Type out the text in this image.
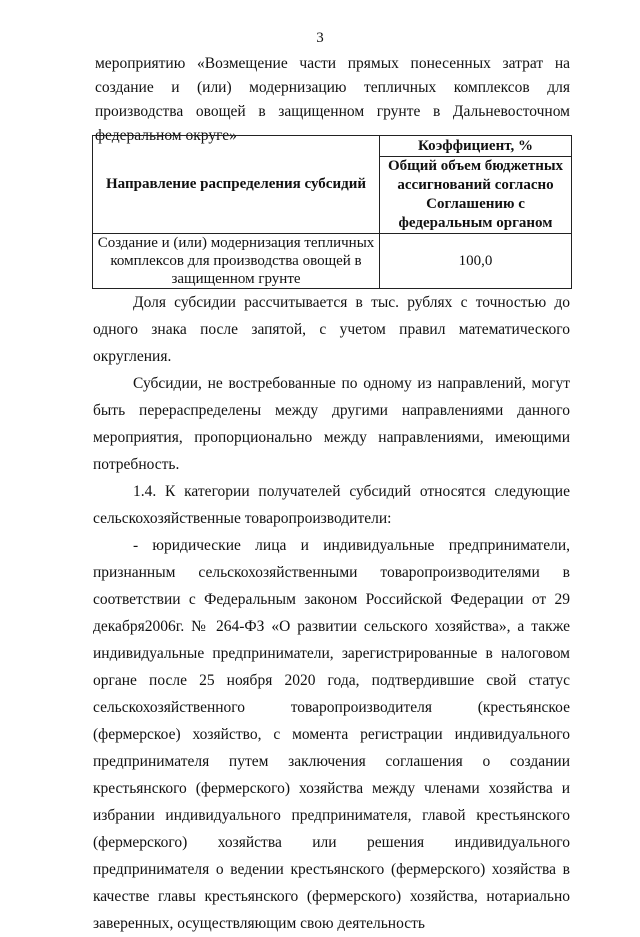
3
мероприятию «Возмещение части прямых понесенных затрат на создание и (или) модернизацию тепличных комплексов для производства овощей в защищенном грунте в Дальневосточном федеральном округе»
Направление распределения субсидий	Коэффициент, %
	Общий объем бюджетных ассигнований согласно Соглашению с федеральным органом
Создание и (или) модернизация тепличных комплексов для производства овощей в защищенном грунте	100,0

Доля субсидии рассчитывается в тыс. рублях с точностью до одного знака после запятой, с учетом правил математического округления.

Субсидии, не востребованные по одному из направлений, могут быть перераспределены между другими направлениями данного мероприятия, пропорционально между направлениями, имеющими потребность.

1.4. К категории получателей субсидий относятся следующие сельскохозяйственные товаропроизводители:

- юридические лица и индивидуальные предприниматели, признанным сельскохозяйственными товаропроизводителями в соответствии с Федеральным законом Российской Федерации от 29 декабря2006г. № 264-ФЗ «О развитии сельского хозяйства», а также индивидуальные предприниматели, зарегистрированные в налоговом органе после 25 ноября 2020 года, подтвердившие свой статус сельскохозяйственного товаропроизводителя (крестьянское (фермерское) хозяйство, с момента регистрации индивидуального предпринимателя путем заключения соглашения о создании крестьянского (фермерского) хозяйства между членами хозяйства и избрании индивидуального предпринимателя, главой крестьянского (фермерского) хозяйства или решения индивидуального предпринимателя о ведении крестьянского (фермерского) хозяйства в качестве главы крестьянского (фермерского) хозяйства, нотариально заверенных, осуществляющим свою деятельность
